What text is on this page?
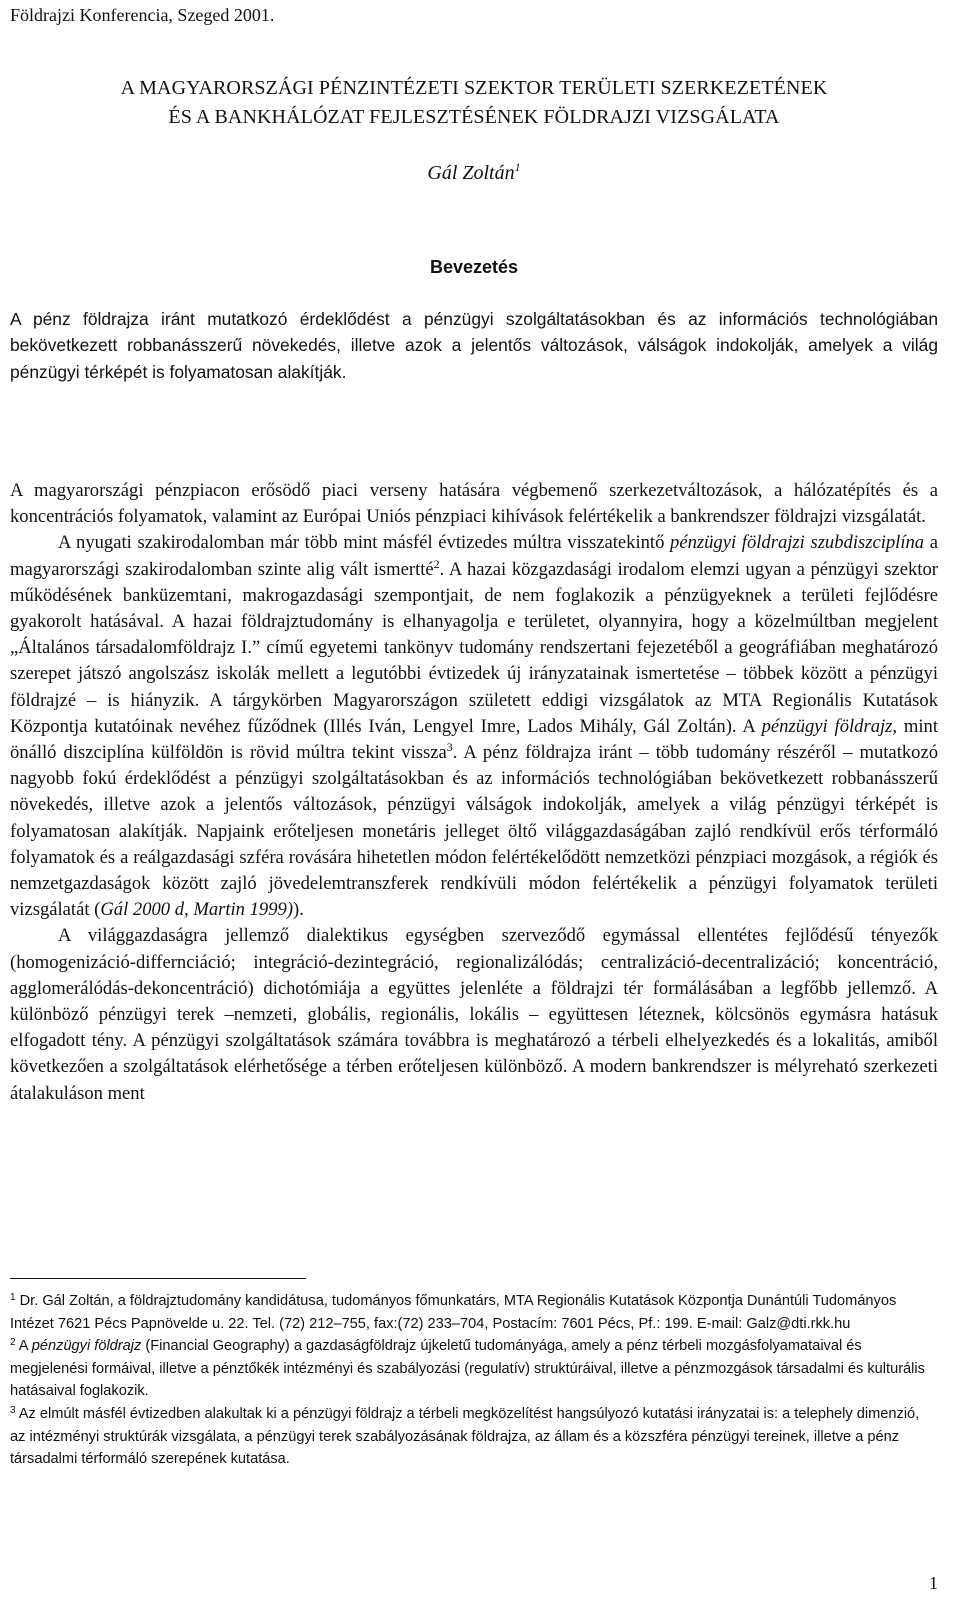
Földrajzi Konferencia, Szeged 2001.
A MAGYARORSZÁGI PÉNZINTÉZETI SZEKTOR TERÜLETI SZERKEZETÉNEK
ÉS A BANKHÁLÓZAT FEJLESZTÉSÉNEK FÖLDRAJZI VIZSGÁLATA
Gál Zoltán$^1$
Bevezetés

A pénz földrajza iránt mutatkozó érdeklődést a pénzügyi szolgáltatásokban és az információs technológiában bekövetkezett robbanásszerű növekedés, illetve azok a jelentős változások, válságok indokolják, amelyek a világ pénzügyi térképét is folyamatosan alakítják.

A magyarországi pénzpiacon erősödő piaci verseny hatására végbemenő szerkezetváltozások, a hálózatépítés és a koncentrációs folyamatok, valamint az Európai Uniós pénzpiaci kihívások felértékelik a bankrendszer földrajzi vizsgálatát.

A nyugati szakirodalomban már több mint másfél évtizedes múltra visszatekintő pénzügyi földrajzi szubdiszciplína a magyarországi szakirodalomban szinte alig vált ismertté$^2$. A hazai közgazdasági irodalom elemzi ugyan a pénzügyi szektor működésének banküzemtani, makrogazdasági szempontjait, de nem foglakozik a pénzügyeknek a területi fejlődésre gyakorolt hatásával. A hazai földrajztudomány is elhanyagolja e területet, olyannyira, hogy a közelmúltban megjelent „Általános társadalomföldrajz I.” című egyetemi tankönyv tudomány rendszertani fejezetéből a geográfiában meghatározó szerepet játszó angolszász iskolák mellett a legutóbbi évtizedek új irányzatainak ismertetése – többek között a pénzügyi földrajzé – is hiányzik. A tárgykörben Magyarországon született eddigi vizsgálatok az MTA Regionális Kutatások Központja kutatóinak nevéhez fűződnek (Illés Iván, Lengyel Imre, Lados Mihály, Gál Zoltán). A pénzügyi földrajz, mint önálló diszciplína külföldön is rövid múltra tekint vissza$^3$. A pénz földrajza iránt – több tudomány részéről – mutatkozó nagyobb fokú érdeklődést a pénzügyi szolgáltatásokban és az információs technológiában bekövetkezett robbanásszerű növekedés, illetve azok a jelentős változások, pénzügyi válságok indokolják, amelyek a világ pénzügyi térképét is folyamatosan alakítják. Napjaink erőteljesen monetáris jelleget öltő világgazdaságában zajló rendkívül erős térformáló folyamatok és a reálgazdasági szféra rovására hihetetlen módon felértékelődött nemzetközi pénzpiaci mozgások, a régiók és nemzetgazdaságok között zajló jövedelemtranszferek rendkívüli módon felértékelik a pénzügyi folyamatok területi vizsgálatát (Gál 2000 d, Martin 1999)).

A világgazdaságra jellemző dialektikus egységben szerveződő egymással ellentétes fejlődésű tényezők (homogenizáció-differnciáció; integráció-dezintegráció, regionalizálódás; centralizáció-decentralizáció; koncentráció, agglomerálódás-dekoncentráció) dichotómiája a együttes jelenléte a földrajzi tér formálásában a legfőbb jellemző. A különböző pénzügyi terek –nemzeti, globális, regionális, lokális – együttesen léteznek, kölcsönös egymásra hatásuk elfogadott tény. A pénzügyi szolgáltatások számára továbbra is meghatározó a térbeli elhelyezkedés és a lokalitás, amiből következően a szolgáltatások elérhetősége a térben erőteljesen különböző. A modern bankrendszer is mélyreható szerkezeti átalakuláson ment

$^1$ Dr. Gál Zoltán, a földrajztudomány kandidátusa, tudományos főmunkatárs, MTA Regionális Kutatások Központja Dunántúli Tudományos Intézet 7621 Pécs Papnövelde u. 22. Tel. (72) 212–755, fax:(72) 233–704, Postacím: 7601 Pécs, Pf.: 199. E-mail: Galz@dti.rkk.hu

$^2$ A pénzügyi földrajz (Financial Geography) a gazdaságföldrajz újkeletű tudományága, amely a pénz térbeli mozgásfolyamataival és megjelenési formáival, illetve a pénztőkék intézményi és szabályozási (regulatív) struktúráival, illetve a pénzmozgások társadalmi és kulturális hatásaival foglakozik.

$^3$ Az elmúlt másfél évtizedben alakultak ki a pénzügyi földrajz a térbeli megközelítést hangsúlyozó kutatási irányzatai is: a telephely dimenzió, az intézményi struktúrák vizsgálata, a pénzügyi terek szabályozásának földrajza, az állam és a közszféra pénzügyi tereinek, illetve a pénz társadalmi térformáló szerepének kutatása.

1
